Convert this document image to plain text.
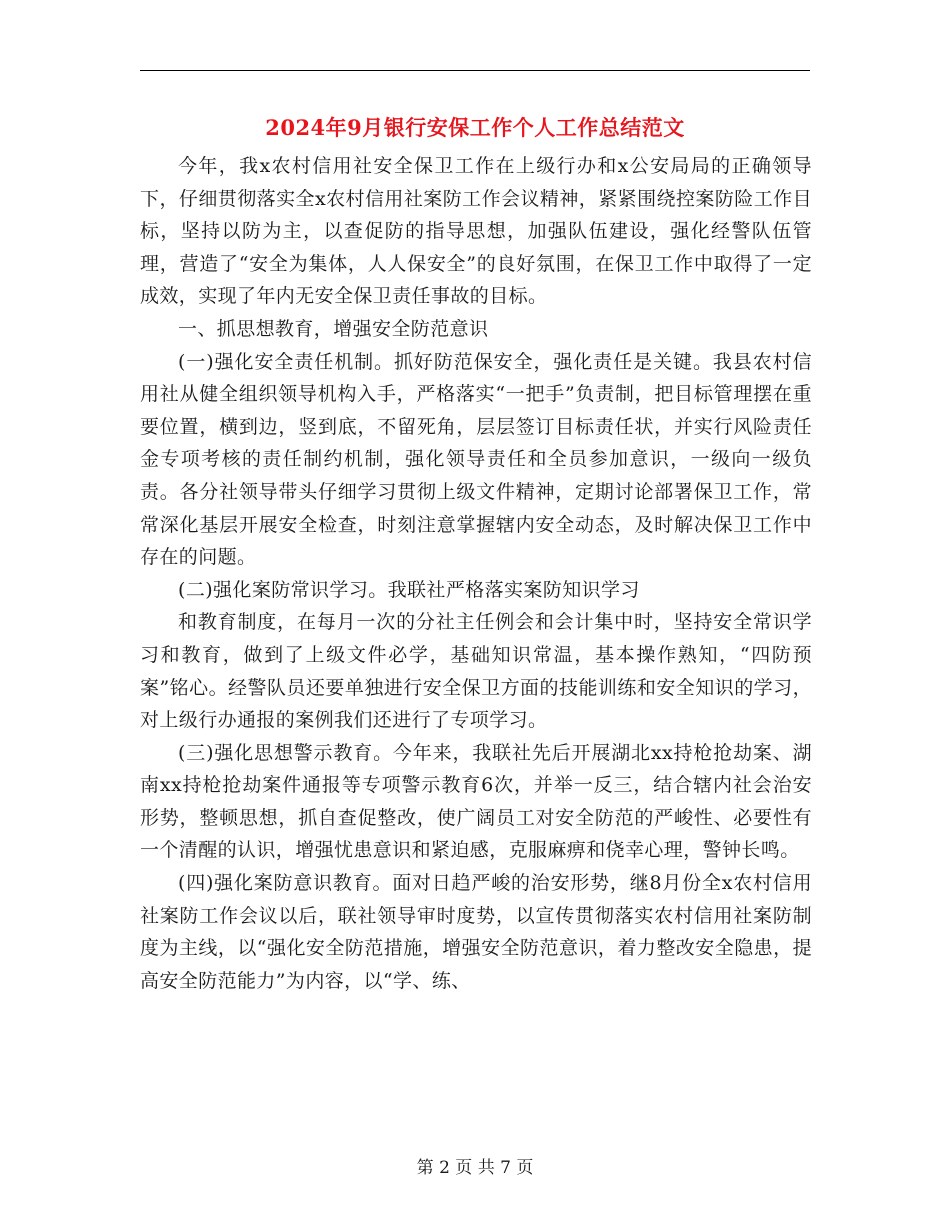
2024年9月银行安保工作个人工作总结范文

今年，我x农村信用社安全保卫工作在上级行办和x公安局局的正确领导下，仔细贯彻落实全x农村信用社案防工作会议精神，紧紧围绕控案防险工作目标，坚持以防为主，以查促防的指导思想，加强队伍建设，强化经警队伍管理，营造了“安全为集体，人人保安全”的良好氛围，在保卫工作中取得了一定成效，实现了年内无安全保卫责任事故的目标。

一、抓思想教育，增强安全防范意识

(一)强化安全责任机制。抓好防范保安全，强化责任是关键。我县农村信用社从健全组织领导机构入手，严格落实“一把手”负责制，把目标管理摆在重要位置，横到边，竖到底，不留死角，层层签订目标责任状，并实行风险责任金专项考核的责任制约机制，强化领导责任和全员参加意识，一级向一级负责。各分社领导带头仔细学习贯彻上级文件精神，定期讨论部署保卫工作，常常深化基层开展安全检查，时刻注意掌握辖内安全动态，及时解决保卫工作中存在的问题。

(二)强化案防常识学习。我联社严格落实案防知识学习

和教育制度，在每月一次的分社主任例会和会计集中时，坚持安全常识学习和教育，做到了上级文件必学，基础知识常温，基本操作熟知，“四防预案”铭心。经警队员还要单独进行安全保卫方面的技能训练和安全知识的学习，对上级行办通报的案例我们还进行了专项学习。

(三)强化思想警示教育。今年来，我联社先后开展湖北xx持枪抢劫案、湖南xx持枪抢劫案件通报等专项警示教育6次，并举一反三，结合辖内社会治安形势，整顿思想，抓自查促整改，使广阔员工对安全防范的严峻性、必要性有一个清醒的认识，增强忧患意识和紧迫感，克服麻痹和侥幸心理，警钟长鸣。

(四)强化案防意识教育。面对日趋严峻的治安形势，继8月份全x农村信用社案防工作会议以后，联社领导审时度势，以宣传贯彻落实农村信用社案防制度为主线，以“强化安全防范措施，增强安全防范意识，着力整改安全隐患，提高安全防范能力”为内容，以“学、练、

第 2 页 共 7 页
